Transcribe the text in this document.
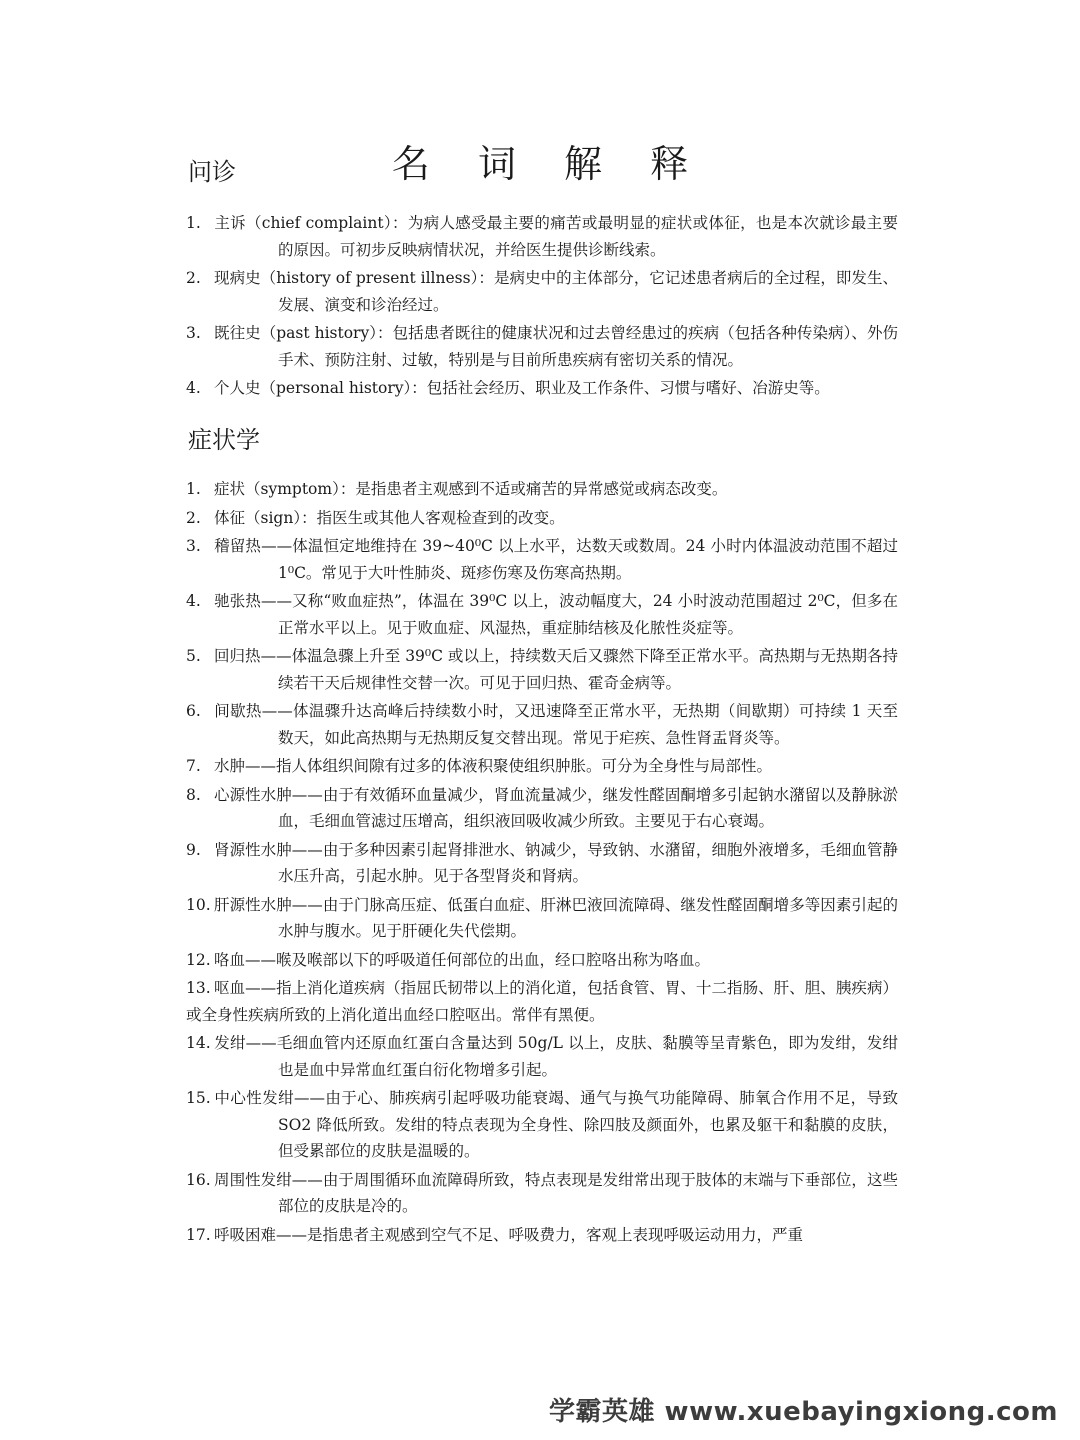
名 词 解 释
问诊
1. 主诉（chief complaint）：为病人感受最主要的痛苦或最明显的症状或体征，也是本次就诊最主要的原因。可初步反映病情状况，并给医生提供诊断线索。
2. 现病史（history of present illness）：是病史中的主体部分，它记述患者病后的全过程，即发生、发展、演变和诊治经过。
3. 既往史（past history）：包括患者既往的健康状况和过去曾经患过的疾病（包括各种传染病）、外伤手术、预防注射、过敏，特别是与目前所患疾病有密切关系的情况。
4. 个人史（personal history）：包括社会经历、职业及工作条件、习惯与嗜好、冶游史等。
症状学
1. 症状（symptom）：是指患者主观感到不适或痛苦的异常感觉或病态改变。
2. 体征（sign）：指医生或其他人客观检查到的改变。
3. 稽留热——体温恒定地维持在 39~40⁰C 以上水平，达数天或数周。24 小时内体温波动范围不超过 1⁰C。常见于大叶性肺炎、斑疹伤寒及伤寒高热期。
4. 驰张热——又称“败血症热”，体温在 39⁰C 以上，波动幅度大，24 小时波动范围超过 2⁰C，但多在正常水平以上。见于败血症、风湿热，重症肺结核及化脓性炎症等。
5. 回归热——体温急骤上升至 39⁰C 或以上，持续数天后又骤然下降至正常水平。高热期与无热期各持续若干天后规律性交替一次。可见于回归热、霍奇金病等。
6. 间歇热——体温骤升达高峰后持续数小时，又迅速降至正常水平，无热期（间歇期）可持续 1 天至数天，如此高热期与无热期反复交替出现。常见于疟疾、急性肾盂肾炎等。
7. 水肿——指人体组织间隙有过多的体液积聚使组织肿胀。可分为全身性与局部性。
8. 心源性水肿——由于有效循环血量减少，肾血流量减少，继发性醛固酮增多引起钠水潴留以及静脉淤血，毛细血管滤过压增高，组织液回吸收减少所致。主要见于右心衰竭。
9. 肾源性水肿——由于多种因素引起肾排泄水、钠减少，导致钠、水潴留，细胞外液增多，毛细血管静水压升高，引起水肿。见于各型肾炎和肾病。
10. 肝源性水肿——由于门脉高压症、低蛋白血症、肝淋巴液回流障碍、继发性醛固酮增多等因素引起的水肿与腹水。见于肝硬化失代偿期。
12. 咯血——喉及喉部以下的呼吸道任何部位的出血，经口腔咯出称为咯血。
13. 呕血——指上消化道疾病（指屈氏韧带以上的消化道，包括食管、胃、十二指肠、肝、胆、胰疾病）或全身性疾病所致的上消化道出血经口腔呕出。常伴有黑便。
14. 发绀——毛细血管内还原血红蛋白含量达到 50g/L 以上，皮肤、黏膜等呈青紫色，即为发绀，发绀也是血中异常血红蛋白衍化物增多引起。
15. 中心性发绀——由于心、肺疾病引起呼吸功能衰竭、通气与换气功能障碍、肺氧合作用不足，导致 SO2 降低所致。发绀的特点表现为全身性、除四肢及颜面外，也累及躯干和黏膜的皮肤，但受累部位的皮肤是温暖的。
16. 周围性发绀——由于周围循环血流障碍所致，特点表现是发绀常出现于肢体的末端与下垂部位，这些部位的皮肤是冷的。
17. 呼吸困难——是指患者主观感到空气不足、呼吸费力，客观上表现呼吸运动用力，严重
学霸英雄 www.xuebayingxiong.com
